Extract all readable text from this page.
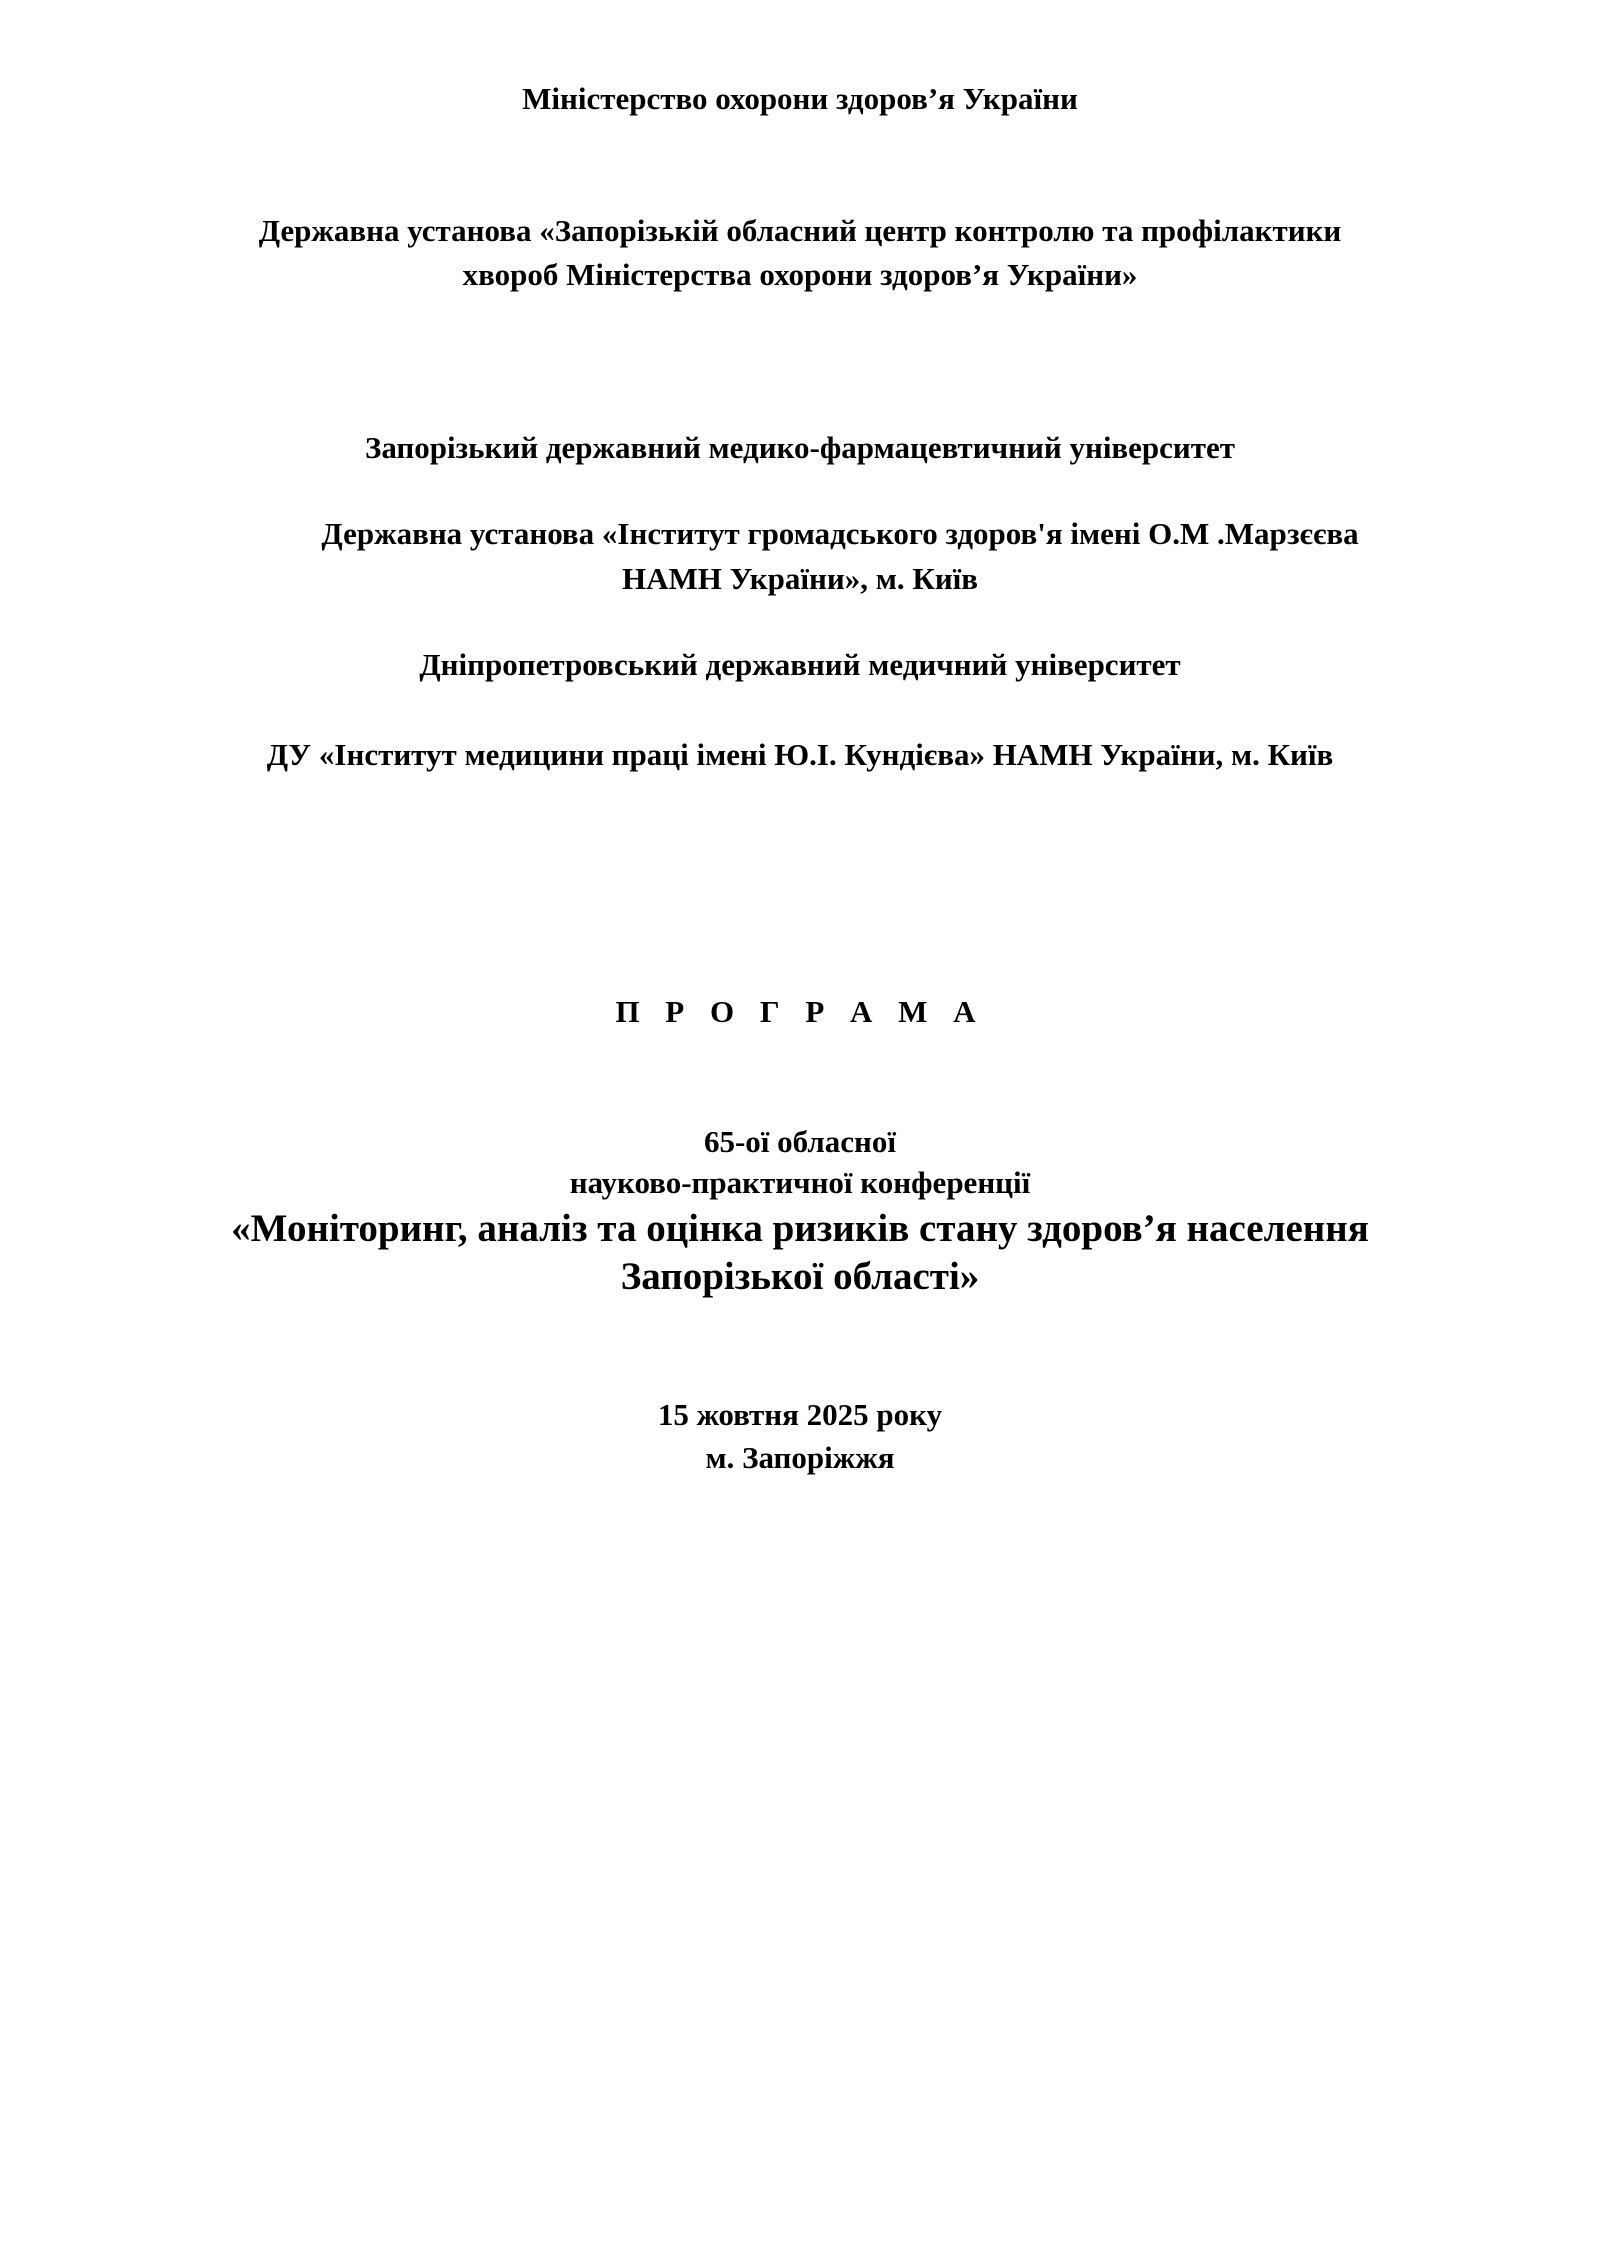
Міністерство охорони здоров’я України

Державна установа «Запорізькій обласний центр контролю та профілактики

хвороб Міністерства охорони здоров’я України»

Запорізький державний медико-фармацевтичний університет

Державна установа «Інститут громадського здоров'я імені О.М .Марзєєва

НАМН України», м. Київ

Дніпропетровський державний медичний університет

ДУ «Інститут медицини праці імені Ю.І. Кундієва» НАМН України, м. Київ

П Р О Г Р А М А

65-ої обласної

науково-практичної конференції

«Моніторинг, аналіз та оцінка ризиків стану здоров’я населення

Запорізької області»

15 жовтня 2025 року

м. Запоріжжя
